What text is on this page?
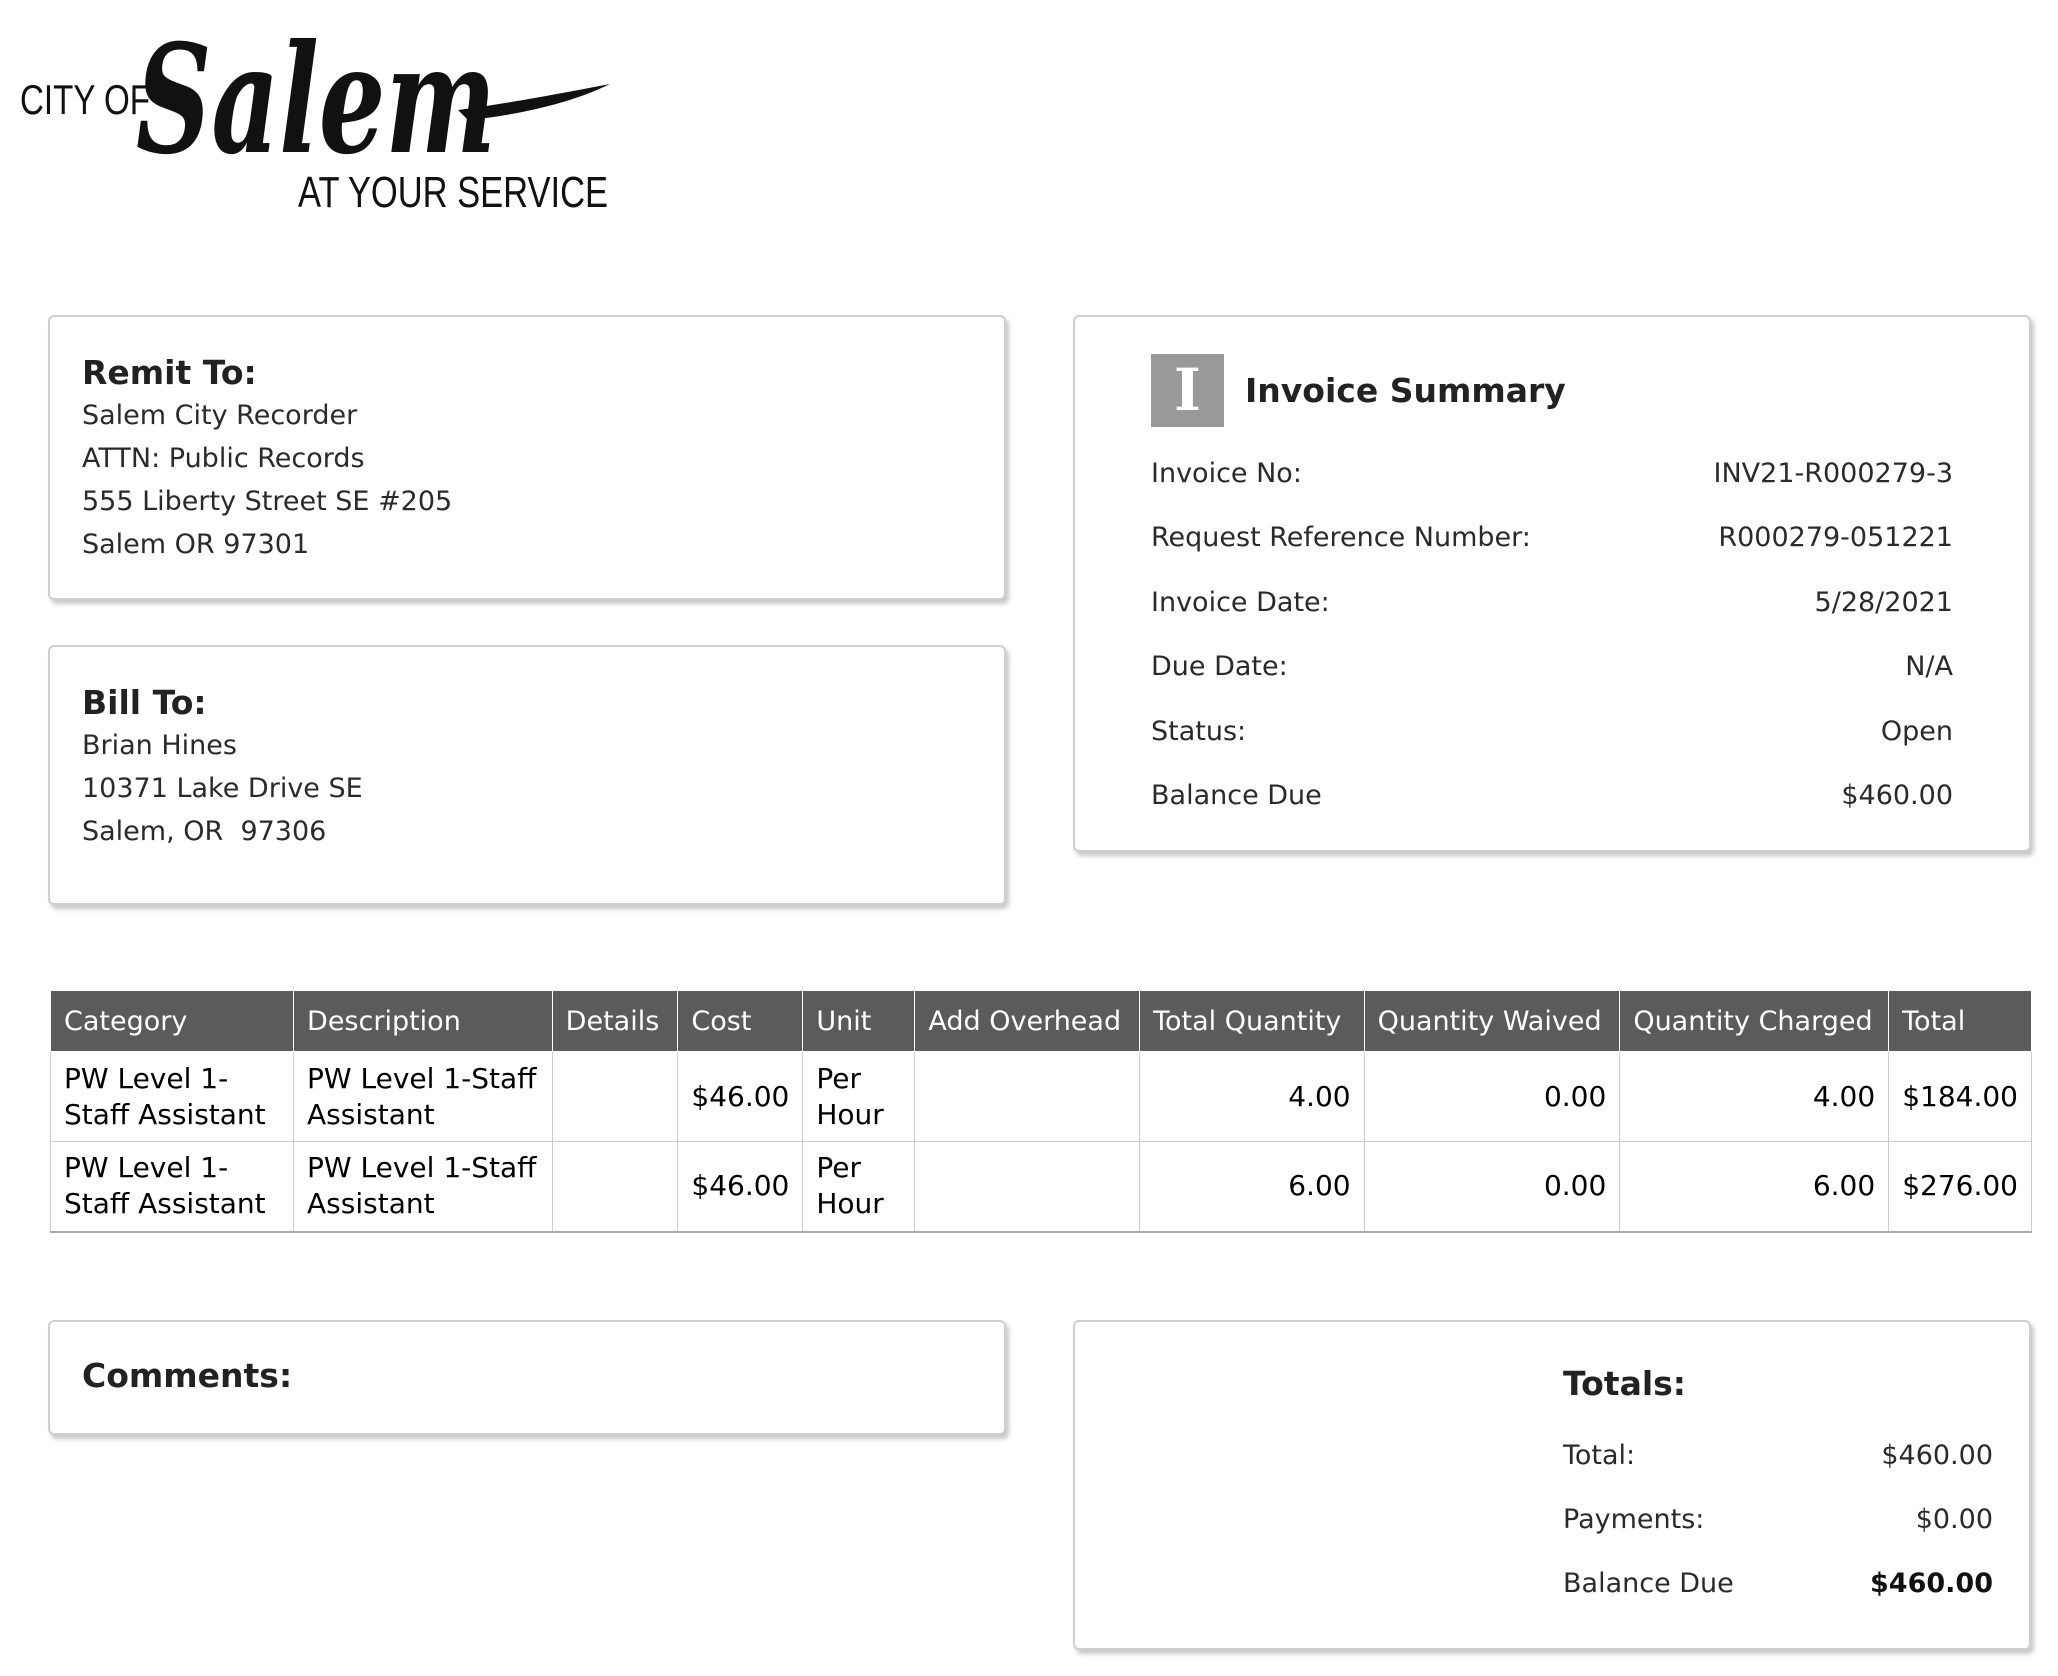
CITY OF
Salem
AT YOUR SERVICE
Remit To:
Salem City Recorder
ATTN: Public Records
555 Liberty Street SE #205
Salem OR 97301
Bill To:
Brian Hines
10371 Lake Drive SE
Salem, OR  97306
I	Invoice Summary
Invoice No:	INV21-R000279-3
Request Reference Number:	R000279-051221
Invoice Date:	5/28/2021
Due Date:	N/A
Status:	Open
Balance Due	$460.00
Category	Description	Details	Cost	Unit	Add Overhead	Total Quantity	Quantity Waived	Quantity Charged	Total
PW Level 1-Staff Assistant	PW Level 1-Staff Assistant		$46.00	Per Hour		4.00	0.00	4.00	$184.00
PW Level 1-Staff Assistant	PW Level 1-Staff Assistant		$46.00	Per Hour		6.00	0.00	6.00	$276.00
Comments:	Totals:
Total:	$460.00
Payments:	$0.00
Balance Due	$460.00
